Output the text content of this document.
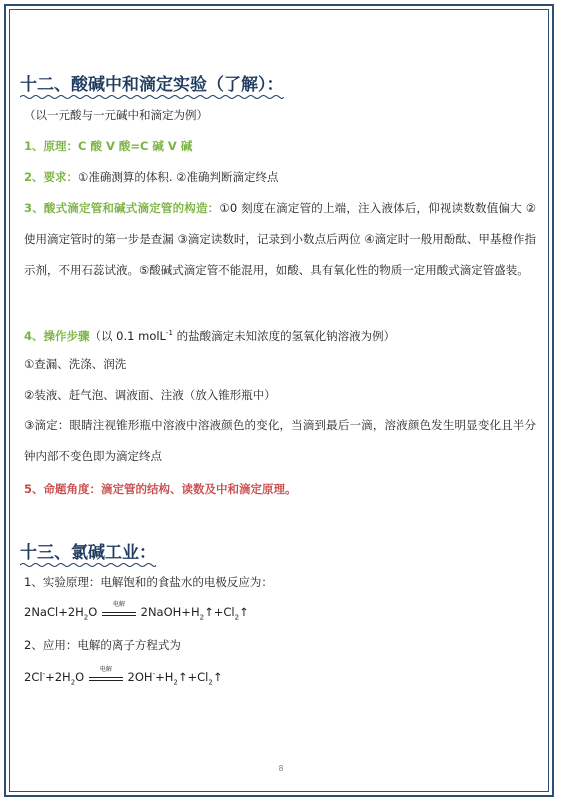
十二、酸碱中和滴定实验（了解）：
（以一元酸与一元碱中和滴定为例）
1、原理：C 酸 V 酸=C 碱 V 碱
2、要求：①准确测算的体积. ②准确判断滴定终点
3、酸式滴定管和碱式滴定管的构造：①0 刻度在滴定管的上端，注入液体后，仰视读数数值偏大 ②使用滴定管时的第一步是查漏 ③滴定读数时，记录到小数点后两位 ④滴定时一般用酚酞、甲基橙作指示剂，不用石蕊试液。⑤酸碱式滴定管不能混用，如酸、具有氧化性的物质一定用酸式滴定管盛装。
4、操作步骤（以 0.1 molL$^{-1}$ 的盐酸滴定未知浓度的氢氧化钠溶液为例）
①查漏、洗涤、润洗
②装液、赶气泡、调液面、注液（放入锥形瓶中）
③滴定：眼睛注视锥形瓶中溶液中溶液颜色的变化，当滴到最后一滴，溶液颜色发生明显变化且半分钟内部不变色即为滴定终点
5、命题角度：滴定管的结构、读数及中和滴定原理。
十三、氯碱工业：
1、实验原理：电解饱和的食盐水的电极反应为：
$2NaCl+2H_2O$
电解
$2NaOH+H_2↑+Cl_2↑$
2、应用：电解的离子方程式为
$2Cl^-+2H_2O$
电解
$2OH^-+H_2↑+Cl_2↑$
8
